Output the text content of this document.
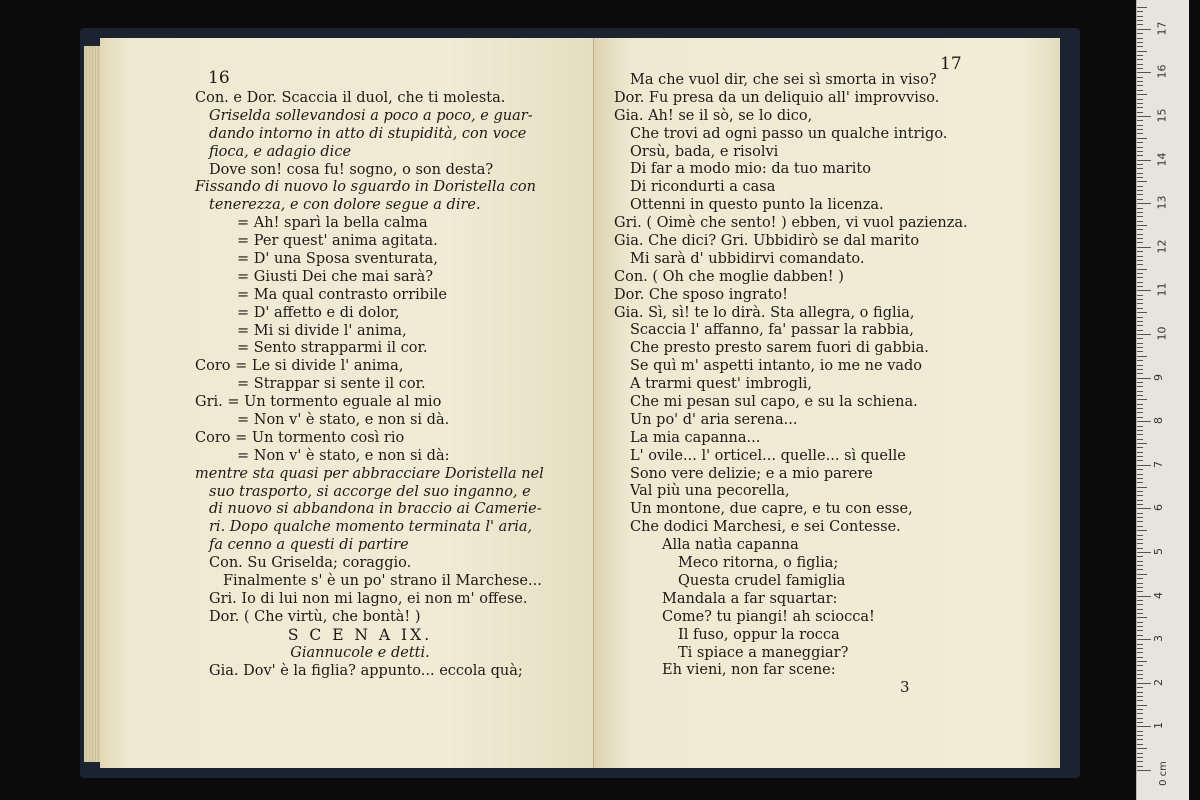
16
Con. e Dor. Scaccia il duol, che ti molesta.
Griselda sollevandosi a poco a poco, e guar-
dando intorno in atto di stupidità, con voce
fioca, e adagio dice
Dove son! cosa fu! sogno, o son desta?
Fissando di nuovo lo sguardo in Doristella con
tenerezza, e con dolore segue a dire.
= Ah! sparì la bella calma
= Per quest' anima agitata.
= D' una Sposa sventurata,
= Giusti Dei che mai sarà?
= Ma qual contrasto orribile
= D' affetto e di dolor,
= Mi si divide l' anima,
= Sento strapparmi il cor.
Coro = Le si divide l' anima,
= Strappar si sente il cor.
Gri. = Un tormento eguale al mio
= Non v' è stato, e non si dà.
Coro = Un tormento così rio
= Non v' è stato, e non si dà:
mentre sta quasi per abbracciare Doristella nel
suo trasporto, si accorge del suo inganno, e
di nuovo si abbandona in braccio ai Camerie-
ri. Dopo qualche momento terminata l' aria,
fa cenno a questi di partire
Con. Su Griselda; coraggio.
Finalmente s' è un po' strano il Marchese...
Gri. Io di lui non mi lagno, ei non m' offese.
Dor. ( Che virtù, che bontà! )
S C E N A IX.
Giannucole e detti.
Gia. Dov' è la figlia? appunto... eccola quà;
17
Ma che vuol dir, che sei sì smorta in viso?
Dor. Fu presa da un deliquio all' improvviso.
Gia. Ah! se il sò, se lo dico,
Che trovi ad ogni passo un qualche intrigo.
Orsù, bada, e risolvi
Di far a modo mio: da tuo marito
Di ricondurti a casa
Ottenni in questo punto la licenza.
Gri. ( Oimè che sento! ) ebben, vi vuol pazienza.
Gia. Che dici? Gri. Ubbidirò se dal marito
Mi sarà d' ubbidirvi comandato.
Con. ( Oh che moglie dabben! )
Dor. Che sposo ingrato!
Gia. Sì, sì! te lo dirà. Sta allegra, o figlia,
Scaccia l' affanno, fa' passar la rabbia,
Che presto presto sarem fuori di gabbia.
Se quì m' aspetti intanto, io me ne vado
A trarmi quest' imbrogli,
Che mi pesan sul capo, e su la schiena.
Un po' d' aria serena...
La mia capanna...
L' ovile... l' orticel... quelle... sì quelle
Sono vere delizie; e a mio parere
Val più una pecorella,
Un montone, due capre, e tu con esse,
Che dodici Marchesi, e sei Contesse.
Alla natìa capanna
Meco ritorna, o figlia;
Questa crudel famiglia
Mandala a far squartar:
Come? tu piangi! ah sciocca!
Il fuso, oppur la rocca
Ti spiace a maneggiar?
Eh vieni, non far scene:
3
0 cm
1
2
3
4
5
6
7
8
9
10
11
12
13
14
15
16
17
